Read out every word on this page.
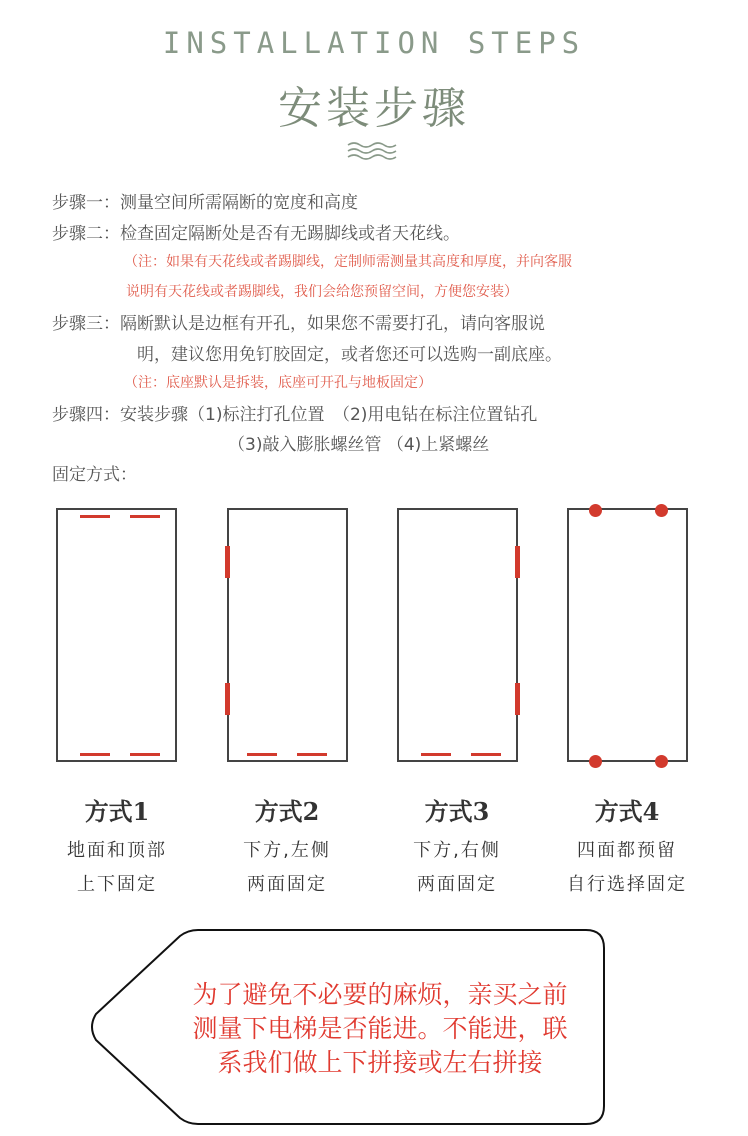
INSTALLATION STEPS
安装步骤
步骤一：测量空间所需隔断的宽度和高度
步骤二：检查固定隔断处是否有无踢脚线或者天花线。
（注：如果有天花线或者踢脚线，定制师需测量其高度和厚度，并向客服
说明有天花线或者踢脚线，我们会给您预留空间，方便您安装）
步骤三：隔断默认是边框有开孔，如果您不需要打孔，请向客服说
明，建议您用免钉胶固定，或者您还可以选购一副底座。
（注：底座默认是拆装，底座可开孔与地板固定）
步骤四：安装步骤（1)标注打孔位置　（2)用电钻在标注位置钻孔
（3)敲入膨胀螺丝管 （4)上紧螺丝
固定方式：
方式1
地面和顶部
上下固定
方式2
下方,左侧
两面固定
方式3
下方,右侧
两面固定
方式4
四面都预留
自行选择固定
为了避免不必要的麻烦，亲买之前
测量下电梯是否能进。不能进，联
系我们做上下拼接或左右拼接
